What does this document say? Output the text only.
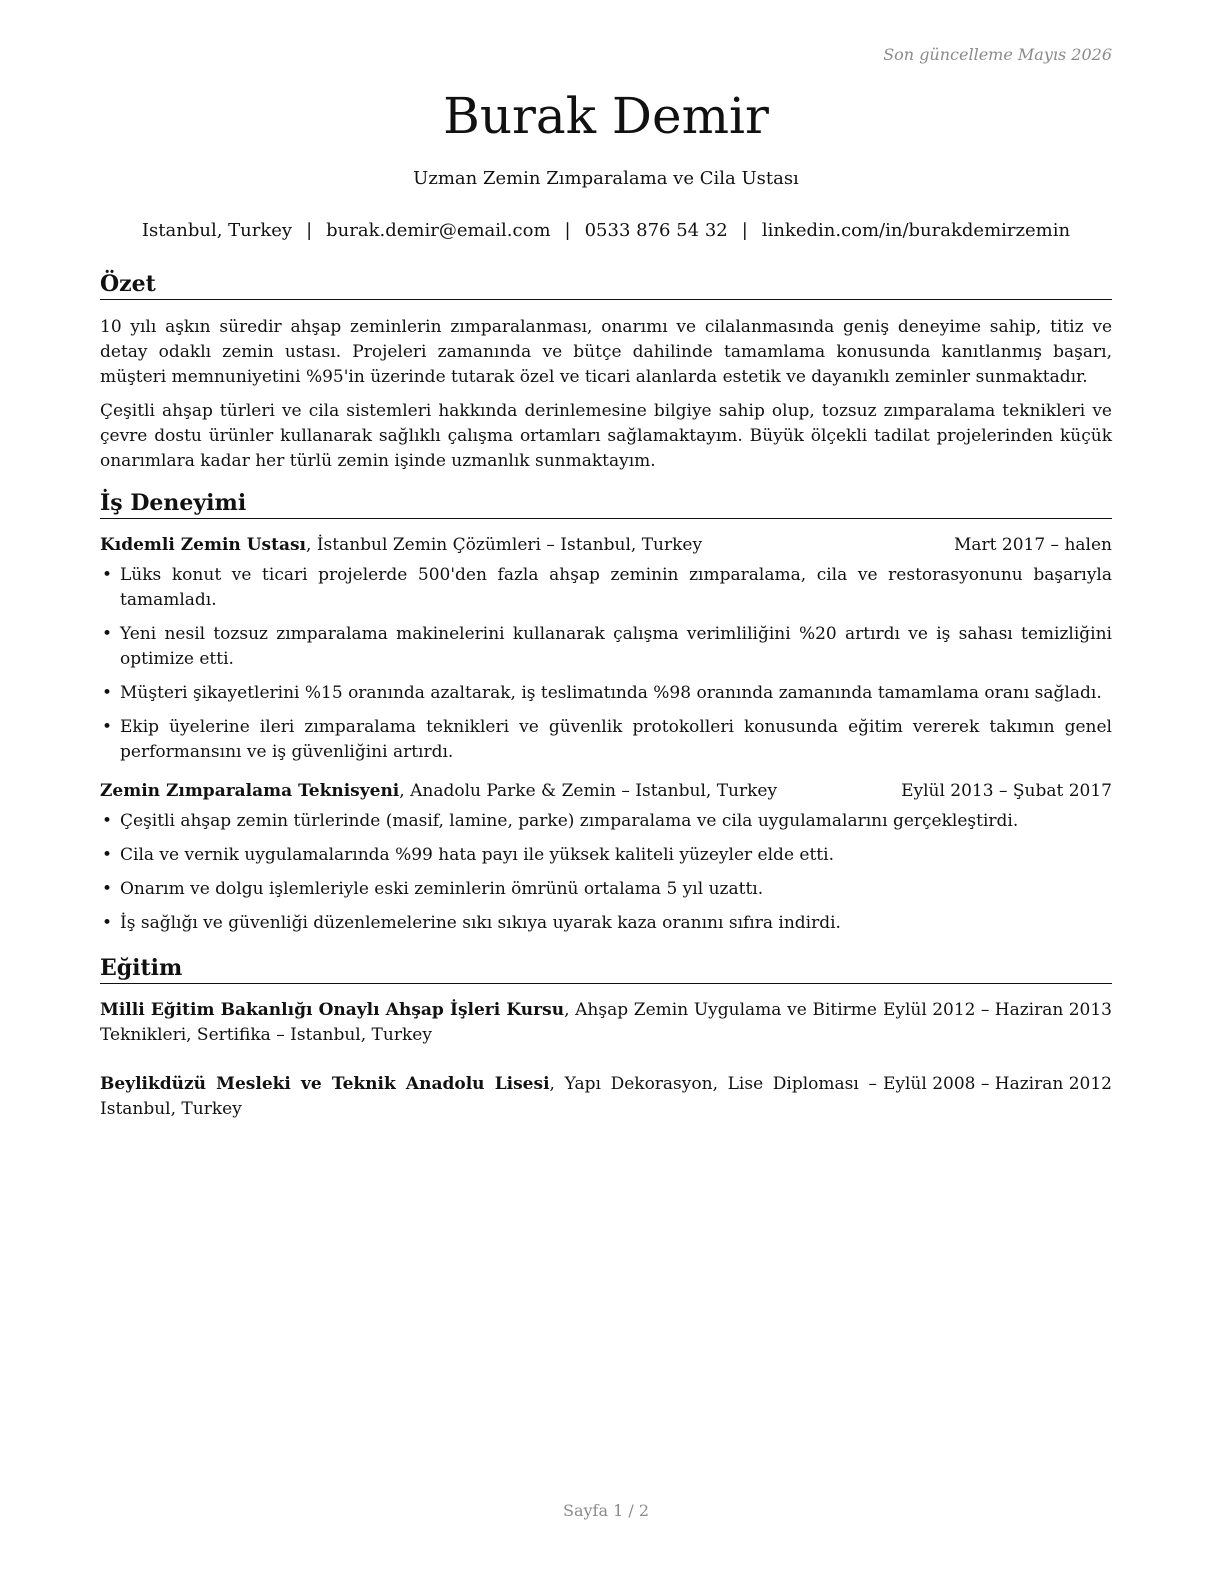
Son güncelleme Mayıs 2026
Burak Demir
Uzman Zemin Zımparalama ve Cila Ustası
Istanbul, Turkey | burak.demir@email.com | 0533 876 54 32 | linkedin.com/in/burakdemirzemin
Özet

10 yılı aşkın süredir ahşap zeminlerin zımparalanması, onarımı ve cilalanmasında geniş deneyime sahip, titiz ve detay odaklı zemin ustası. Projeleri zamanında ve bütçe dahilinde tamamlama konusunda kanıtlanmış başarı, müşteri memnuniyetini %95'in üzerinde tutarak özel ve ticari alanlarda estetik ve dayanıklı zeminler sunmaktadır.

Çeşitli ahşap türleri ve cila sistemleri hakkında derinlemesine bilgiye sahip olup, tozsuz zımparalama teknikleri ve çevre dostu ürünler kullanarak sağlıklı çalışma ortamları sağlamaktayım. Büyük ölçekli tadilat projelerinden küçük onarımlara kadar her türlü zemin işinde uzmanlık sunmaktayım.

İş Deneyimi
Kıdemli Zemin Ustası, İstanbul Zemin Çözümleri – Istanbul, Turkey	Mart 2017 – halen
• Lüks konut ve ticari projelerde 500'den fazla ahşap zeminin zımparalama, cila ve restorasyonunu başarıyla tamamladı.
• Yeni nesil tozsuz zımparalama makinelerini kullanarak çalışma verimliliğini %20 artırdı ve iş sahası temizliğini optimize etti.
• Müşteri şikayetlerini %15 oranında azaltarak, iş teslimatında %98 oranında zamanında tamamlama oranı sağladı.
• Ekip üyelerine ileri zımparalama teknikleri ve güvenlik protokolleri konusunda eğitim vererek takımın genel performansını ve iş güvenliğini artırdı.
Zemin Zımparalama Teknisyeni, Anadolu Parke & Zemin – Istanbul, Turkey	Eylül 2013 – Şubat 2017
• Çeşitli ahşap zemin türlerinde (masif, lamine, parke) zımparalama ve cila uygulamalarını gerçekleştirdi.
• Cila ve vernik uygulamalarında %99 hata payı ile yüksek kaliteli yüzeyler elde etti.
• Onarım ve dolgu işlemleriyle eski zeminlerin ömrünü ortalama 5 yıl uzattı.
• İş sağlığı ve güvenliği düzenlemelerine sıkı sıkıya uyarak kaza oranını sıfıra indirdi.
Eğitim
Milli Eğitim Bakanlığı Onaylı Ahşap İşleri Kursu, Ahşap Zemin Uygulama ve Bitirme Teknikleri, Sertifika – Istanbul, Turkey
Eylül 2012 – Haziran 2013
Beylikdüzü Mesleki ve Teknik Anadolu Lisesi, Yapı Dekorasyon, Lise Diploması – Istanbul, Turkey
Eylül 2008 – Haziran 2012
Sayfa 1 / 2
